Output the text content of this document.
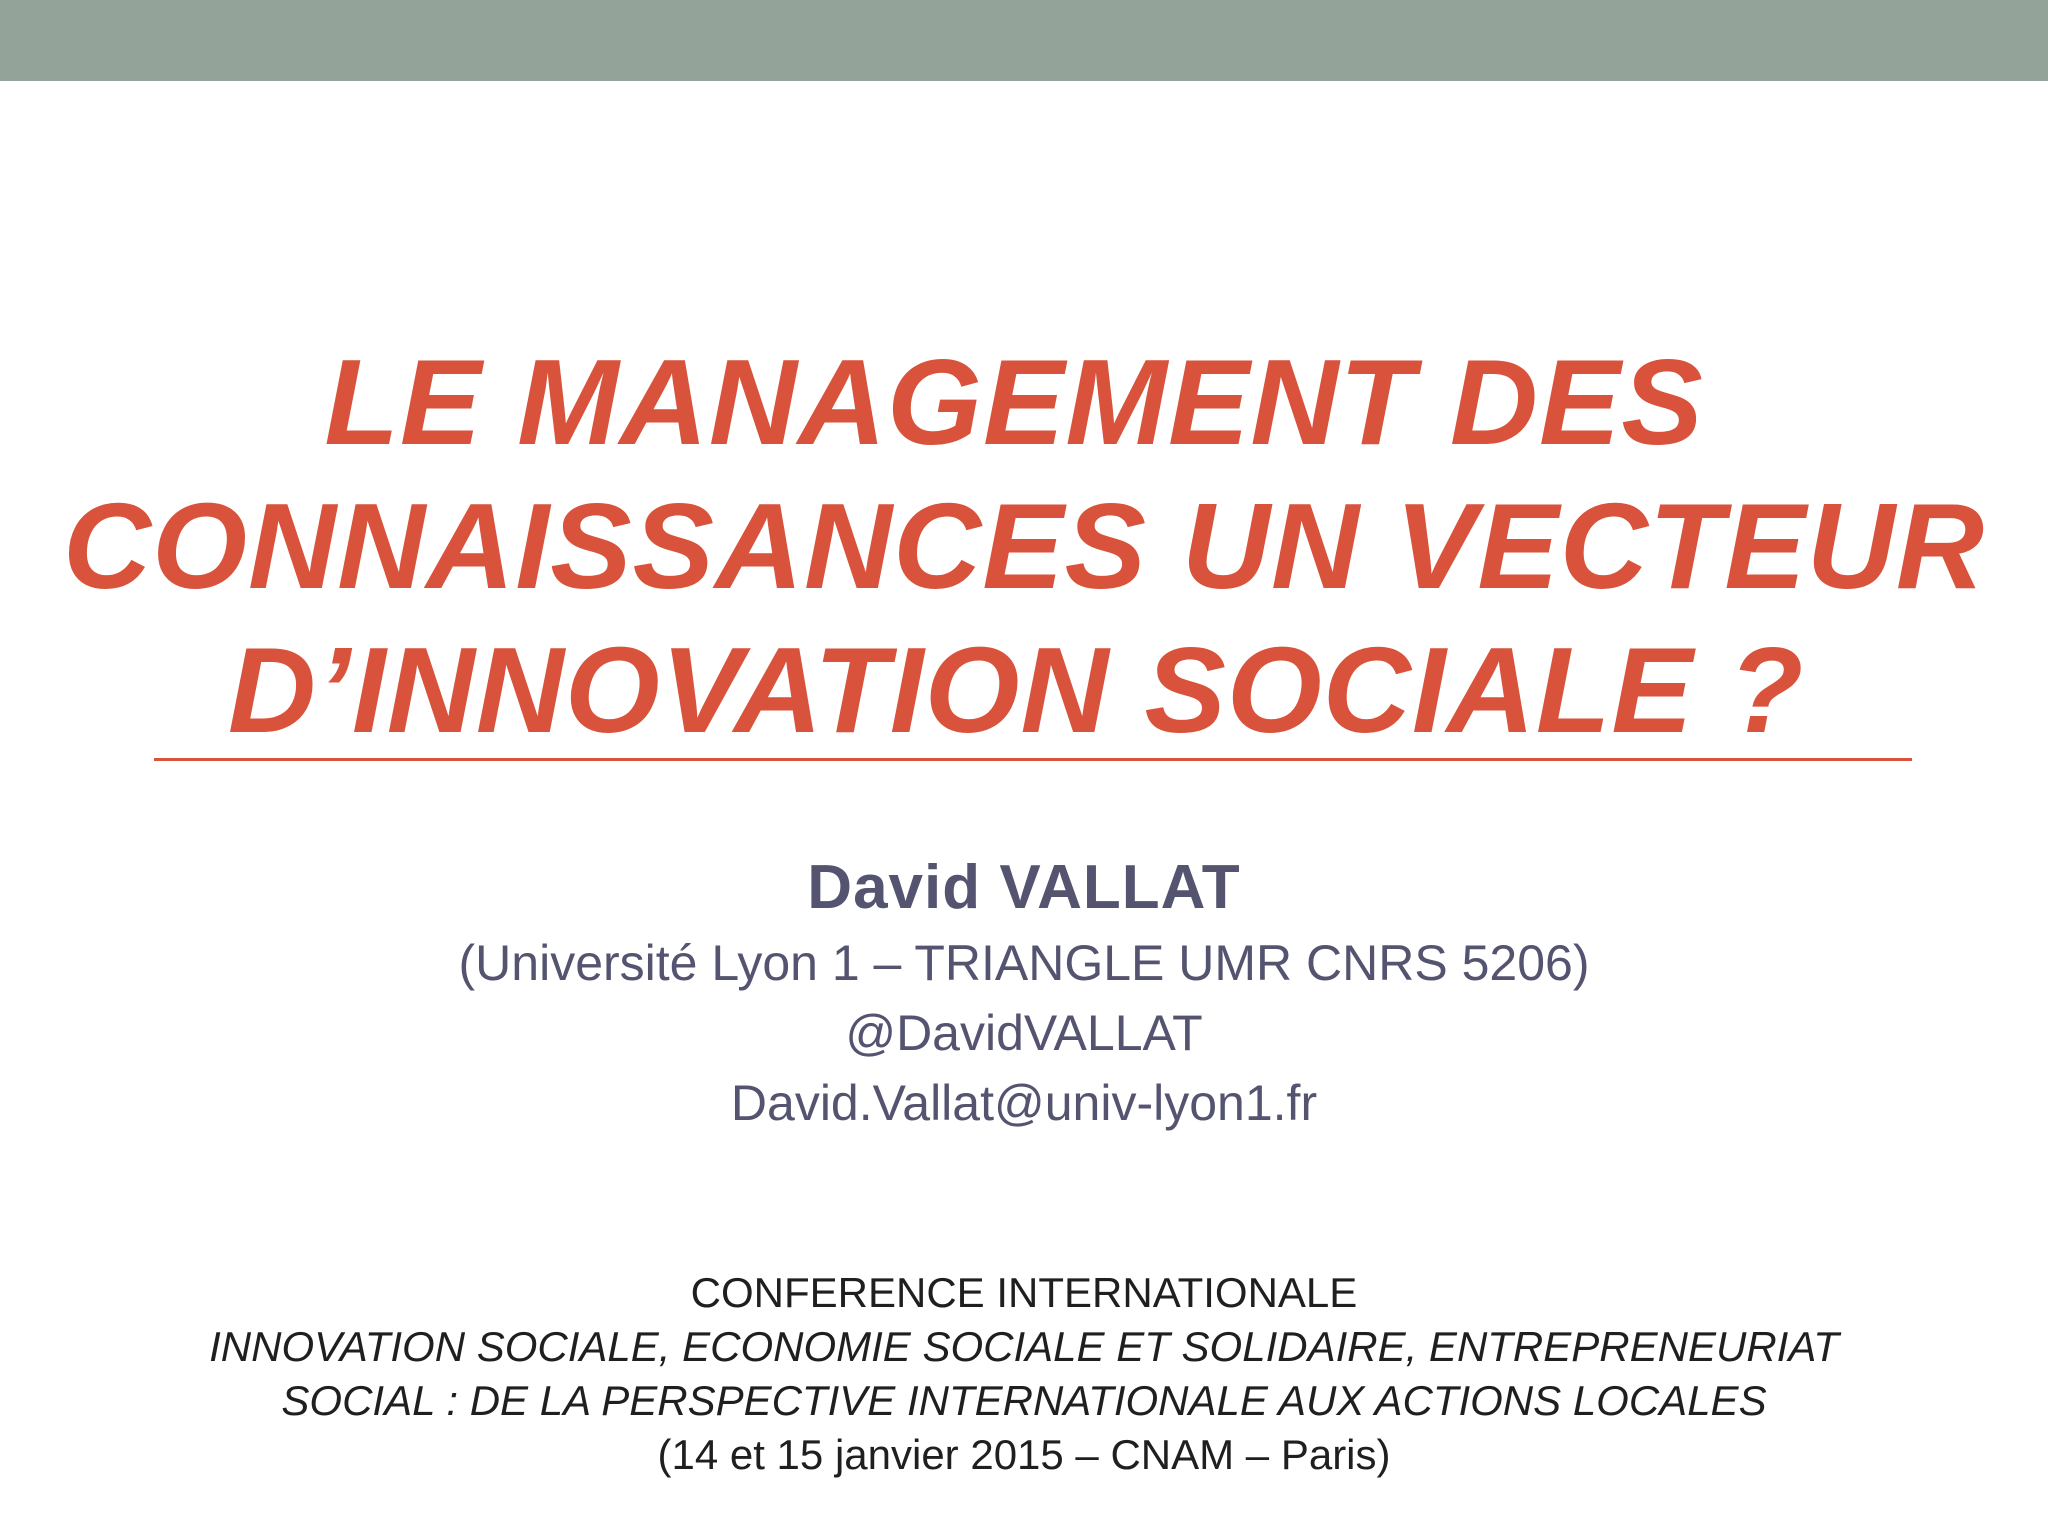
LE MANAGEMENT DES
CONNAISSANCES UN VECTEUR
D’INNOVATION SOCIALE ?
David VALLAT
(Université Lyon 1 – TRIANGLE UMR CNRS 5206)
@DavidVALLAT
David.Vallat@univ-lyon1.fr
CONFERENCE INTERNATIONALE
INNOVATION SOCIALE, ECONOMIE SOCIALE ET SOLIDAIRE, ENTREPRENEURIAT
SOCIAL : DE LA PERSPECTIVE INTERNATIONALE AUX ACTIONS LOCALES
(14 et 15 janvier 2015 – CNAM – Paris)
